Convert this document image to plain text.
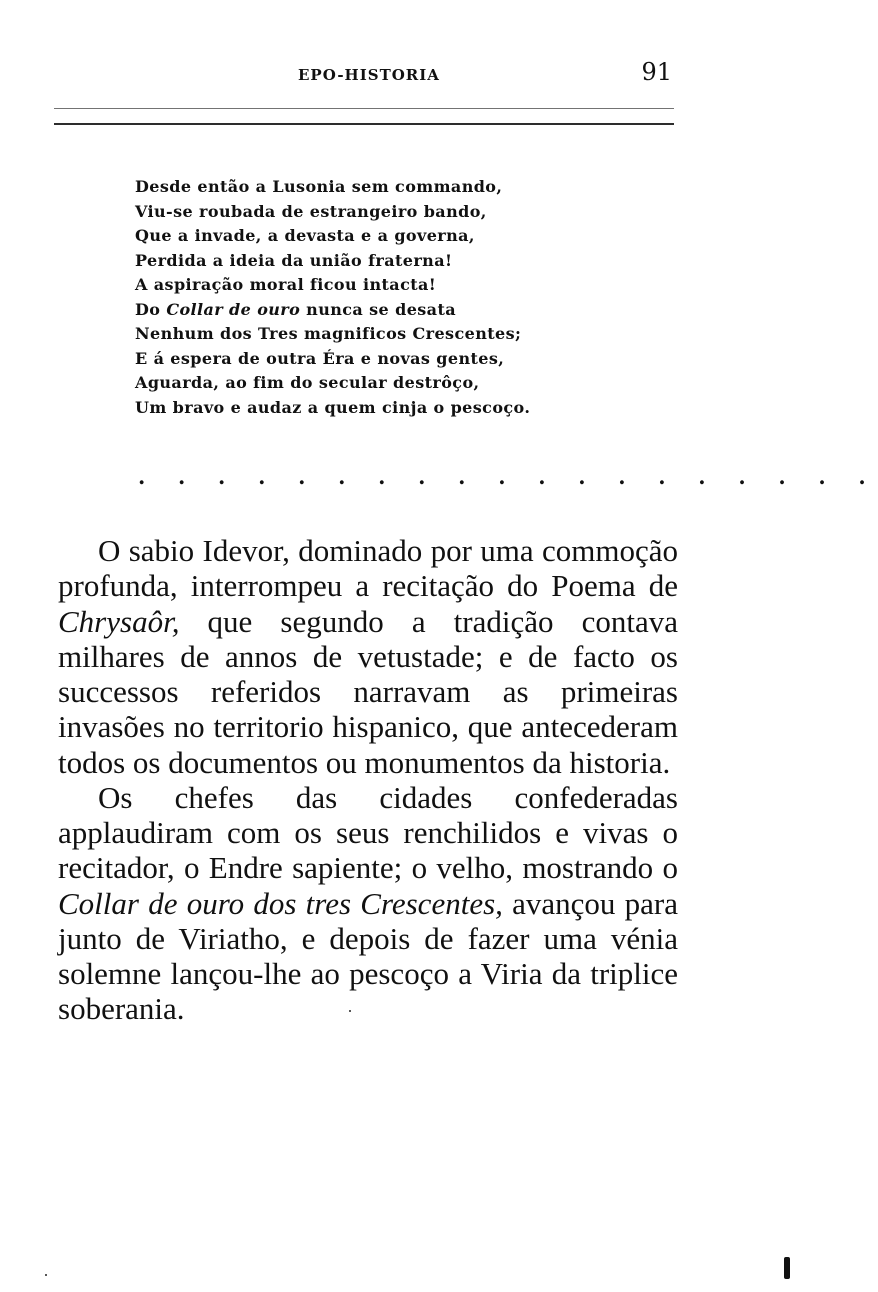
EPO-HISTORIA	91
Desde então a Lusonia sem commando,
Viu-se roubada de estrangeiro bando,
Que a invade, a devasta e a governa,
Perdida a ideia da união fraterna!
A aspiração moral ficou intacta!
Do Collar de ouro nunca se desata
Nenhum dos Tres magnificos Crescentes;
E á espera de outra Éra e novas gentes,
Aguarda, ao fim do secular destrôço,
Um bravo e audaz a quem cinja o pescoço.
. . . . . . . . . . . . . . . . . . .

O sabio Idevor, dominado por uma commoção profunda, interrompeu a recitação do Poema de Chrysaôr, que segundo a tradição contava milhares de annos de vetustade; e de facto os successos referidos narravam as primeiras invasões no territorio hispanico, que antecederam todos os documentos ou monumentos da historia.

Os chefes das cidades confederadas applaudiram com os seus renchilidos e vivas o recitador, o Endre sapiente; o velho, mostrando o Collar de ouro dos tres Crescentes, avançou para junto de Viriatho, e depois de fazer uma vénia solemne lançou-lhe ao pescoço a Viria da triplice soberania.
